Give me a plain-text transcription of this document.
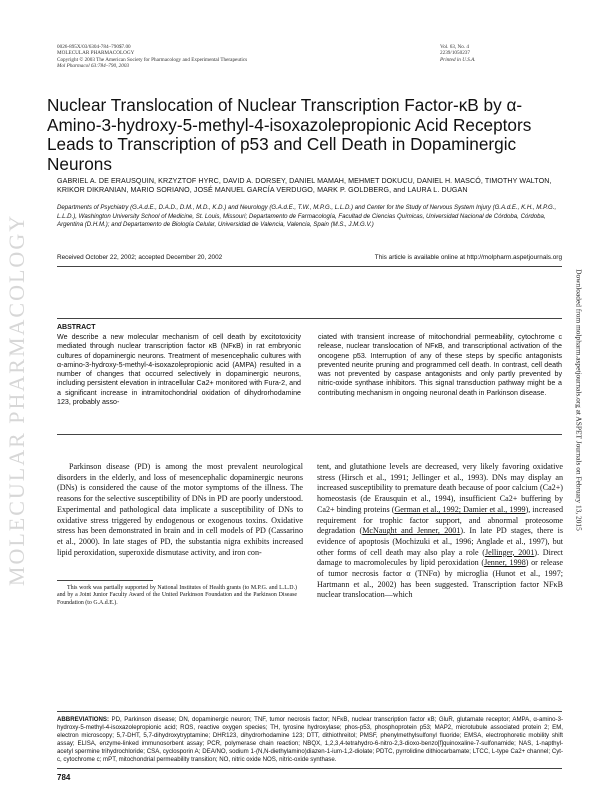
0026-895X/03/6304-784–790$7.00
MOLECULAR PHARMACOLOGY
Copyright © 2003 The American Society for Pharmacology and Experimental Therapeutics
Mol Pharmacol 63:784–790, 2003
Vol. 63, No. 4
2239/1050237
Printed in U.S.A.
MOLECULAR PHARMACOLOGY	Downloaded from molpharm.aspetjournals.org at ASPET Journals on February 13, 2015
Nuclear Translocation of Nuclear Transcription Factor-κB by α-Amino-3-hydroxy-5-methyl-4-isoxazolepropionic Acid Receptors Leads to Transcription of p53 and Cell Death in Dopaminergic Neurons
GABRIEL A. DE ERAUSQUIN, KRZYZTOF HYRC, DAVID A. DORSEY, DANIEL MAMAH, MEHMET DOKUCU, DANIEL H. MASCÓ, TIMOTHY WALTON, KRIKOR DIKRANIAN, MARIO SORIANO, JOSÉ MANUEL GARCÍA VERDUGO, MARK P. GOLDBERG, and LAURA L. DUGAN
Departments of Psychiatry (G.A.d.E., D.A.D., D.M., M.D., K.D.) and Neurology (G.A.d.E., T.W., M.P.G., L.L.D.) and Center for the Study of Nervous System Injury (G.A.d.E., K.H., M.P.G., L.L.D.), Washington University School of Medicine, St. Louis, Missouri; Departamento de Farmacología, Facultad de Ciencias Químicas, Universidad Nacional de Córdoba, Córdoba, Argentina (D.H.M.); and Departamento de Biología Celular, Universidad de Valencia, Valencia, Spain (M.S., J.M.G.V.)
Received October 22, 2002; accepted December 20, 2002	This article is available online at http://molpharm.aspetjournals.org
ABSTRACT
We describe a new molecular mechanism of cell death by excitotoxicity mediated through nuclear transcription factor κB (NFκB) in rat embryonic cultures of dopaminergic neurons. Treatment of mesencephalic cultures with α-amino-3-hydroxy-5-methyl-4-isoxazolepropionic acid (AMPA) resulted in a number of changes that occurred selectively in dopaminergic neurons, including persistent elevation in intracellular Ca2+ monitored with Fura-2, and a significant increase in intramitochondrial oxidation of dihydrorhodamine 123, probably asso-
ciated with transient increase of mitochondrial permeability, cytochrome c release, nuclear translocation of NFκB, and transcriptional activation of the oncogene p53. Interruption of any of these steps by specific antagonists prevented neurite pruning and programmed cell death. In contrast, cell death was not prevented by caspase antagonists and only partly prevented by nitric-oxide synthase inhibitors. This signal transduction pathway might be a contributing mechanism in ongoing neuronal death in Parkinson disease.

Parkinson disease (PD) is among the most prevalent neurological disorders in the elderly, and loss of mesencephalic dopaminergic neurons (DNs) is considered the cause of the motor symptoms of the illness. The reasons for the selective susceptibility of DNs in PD are poorly understood. Experimental and pathological data implicate a susceptibility of DNs to oxidative stress triggered by endogenous or exogenous toxins. Oxidative stress has been demonstrated in brain and in cell models of PD (Cassarino et al., 2000). In late stages of PD, the substantia nigra exhibits increased lipid peroxidation, superoxide dismutase activity, and iron con-

tent, and glutathione levels are decreased, very likely favoring oxidative stress (Hirsch et al., 1991; Jellinger et al., 1993). DNs may display an increased susceptibility to premature death because of poor calcium (Ca2+) homeostasis (de Erausquin et al., 1994), insufficient Ca2+ buffering by Ca2+ binding proteins (German et al., 1992; Damier et al., 1999), increased requirement for trophic factor support, and abnormal proteosome degradation (McNaught and Jenner, 2001). In late PD stages, there is evidence of apoptosis (Mochizuki et al., 1996; Anglade et al., 1997), but other forms of cell death may also play a role (Jellinger, 2001). Direct damage to macromolecules by lipid peroxidation (Jenner, 1998) or release of tumor necrosis factor α (TNFα) by microglia (Hunot et al., 1997; Hartmann et al., 2002) has been suggested. Transcription factor NFκB nuclear translocation—which

This work was partially supported by National Institutes of Health grants (to M.P.G. and L.L.D.) and by a Joint Junior Faculty Award of the United Parkinson Foundation and the Parkinson Disease Foundation (to G.A.d.E.).
ABBREVIATIONS: PD, Parkinson disease; DN, dopaminergic neuron; TNF, tumor necrosis factor; NFκB, nuclear transcription factor κB; GluR, glutamate receptor; AMPA, α-amino-3-hydroxy-5-methyl-4-isoxazolepropionic acid; ROS, reactive oxygen species; TH, tyrosine hydroxylase; phos-p53, phosphoprotein p53; MAP2, microtubule associated protein 2; EM, electron microscopy; 5,7-DHT, 5,7-dihydroxytryptamine; DHR123, dihydrorhodamine 123; DTT, dithiothreitol; PMSF, phenylmethylsulfonyl fluoride; EMSA, electrophoretic mobility shift assay; ELISA, enzyme-linked immunosorbent assay; PCR, polymerase chain reaction; NBQX, 1,2,3,4-tetrahydro-6-nitro-2,3-dioxo-benzo[f]quinoxaline-7-sulfonamide; NAS, 1-napthyl-acetyl spermine trihydrochloride; CSA, cyclosporin A; DEA/NO, sodium 1-(N,N-diethylamino)diazen-1-ium-1,2-diolate; PDTC, pyrrolidine dithiocarbamate; LTCC, L-type Ca2+ channel; Cyt-c, cytochrome c; mPT, mitochondrial permeability transition; NO, nitric oxide NOS, nitric-oxide synthase.
784
